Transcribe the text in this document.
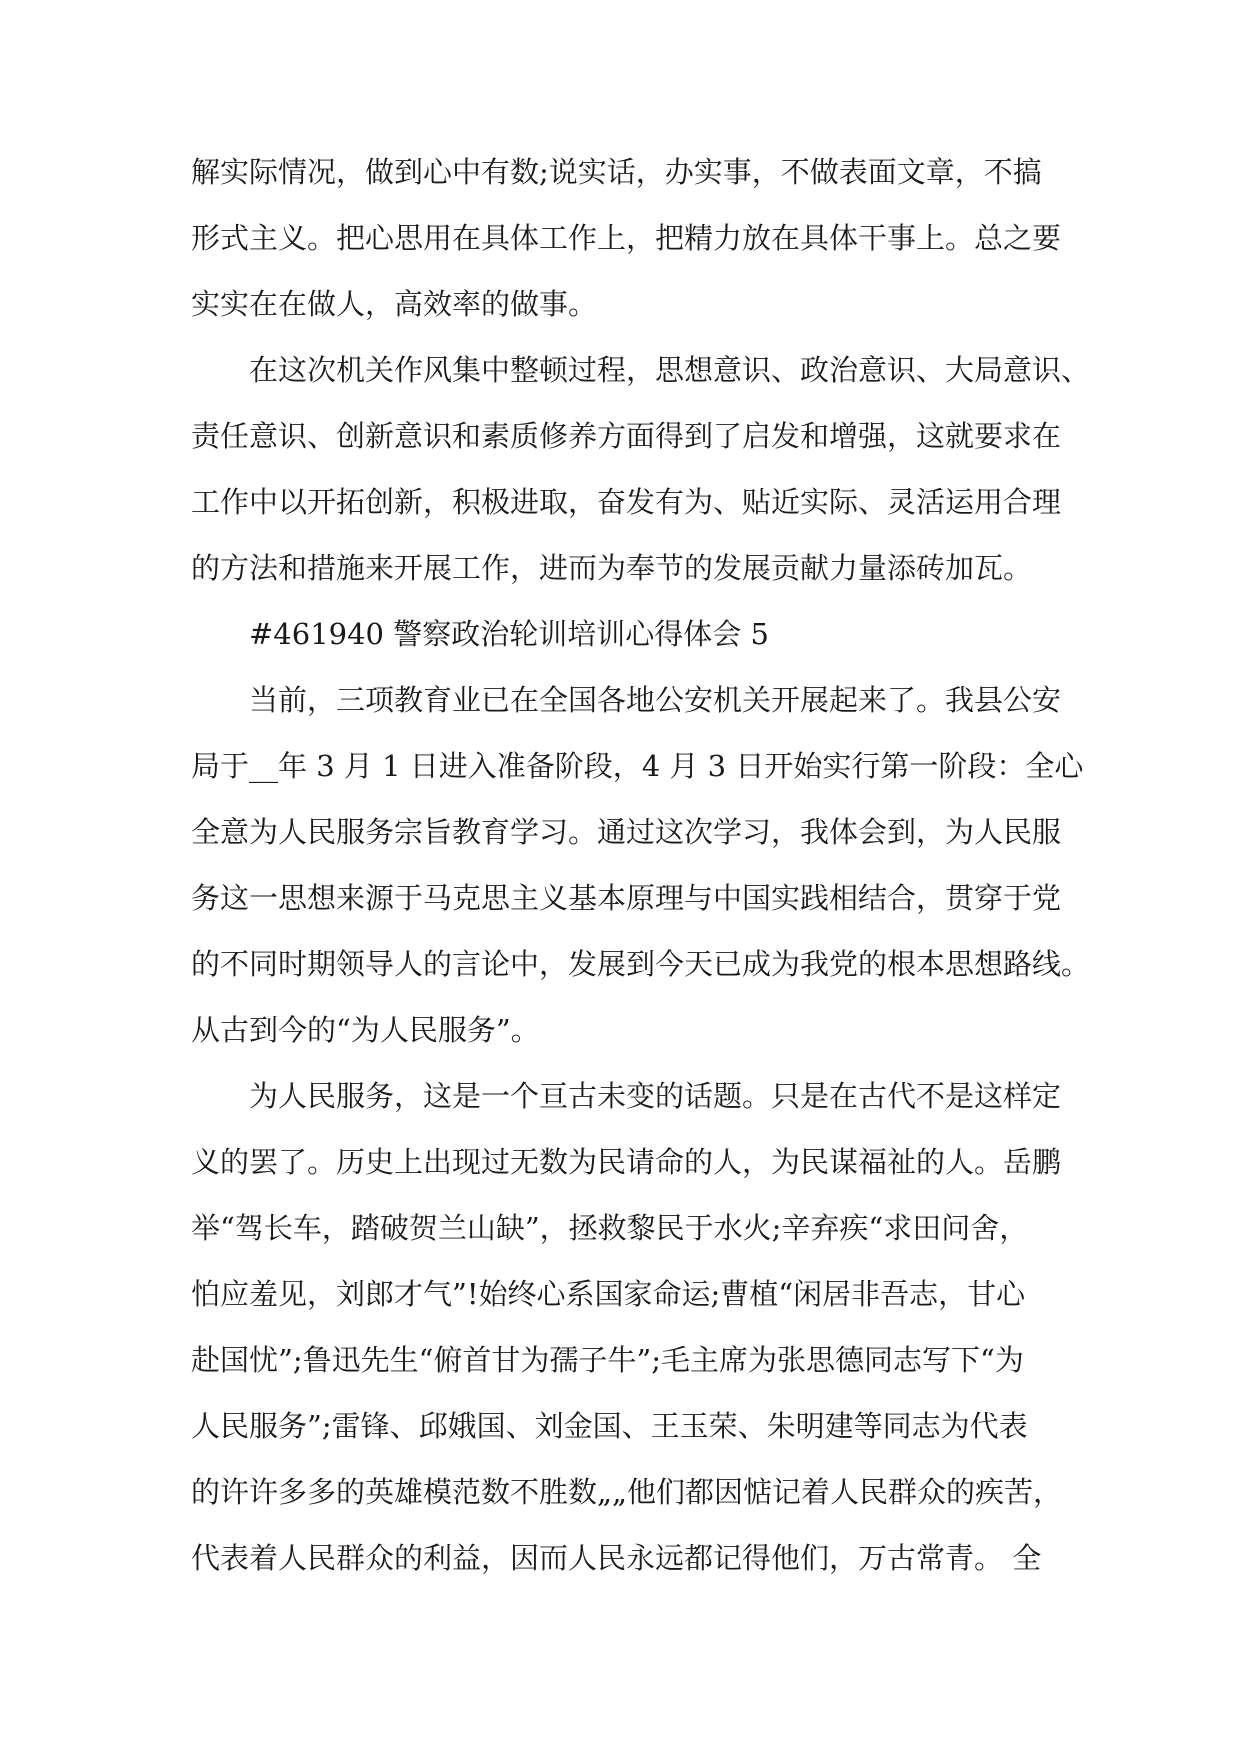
解实际情况，做到心中有数;说实话，办实事，不做表面文章，不搞
形式主义。把心思用在具体工作上，把精力放在具体干事上。总之要
实实在在做人，高效率的做事。
在这次机关作风集中整顿过程，思想意识、政治意识、大局意识、
责任意识、创新意识和素质修养方面得到了启发和增强，这就要求在
工作中以开拓创新，积极进取，奋发有为、贴近实际、灵活运用合理
的方法和措施来开展工作，进而为奉节的发展贡献力量添砖加瓦。
#461940 警察政治轮训培训心得体会 5
当前，三项教育业已在全国各地公安机关开展起来了。我县公安
局于__年 3 月 1 日进入准备阶段，4 月 3 日开始实行第一阶段：全心
全意为人民服务宗旨教育学习。通过这次学习，我体会到，为人民服
务这一思想来源于马克思主义基本原理与中国实践相结合，贯穿于党
的不同时期领导人的言论中，发展到今天已成为我党的根本思想路线。
从古到今的“为人民服务”。
为人民服务，这是一个亘古未变的话题。只是在古代不是这样定
义的罢了。历史上出现过无数为民请命的人，为民谋福祉的人。岳鹏
举“驾长车，踏破贺兰山缺”，拯救黎民于水火;辛弃疾“求田问舍，
怕应羞见，刘郎才气”!始终心系国家命运;曹植“闲居非吾志，甘心
赴国忧”;鲁迅先生“俯首甘为孺子牛”;毛主席为张思德同志写下“为
人民服务”;雷锋、邱娥国、刘金国、王玉荣、朱明建等同志为代表
的许许多多的英雄模范数不胜数„„他们都因惦记着人民群众的疾苦，
代表着人民群众的利益，因而人民永远都记得他们，万古常青。 全
